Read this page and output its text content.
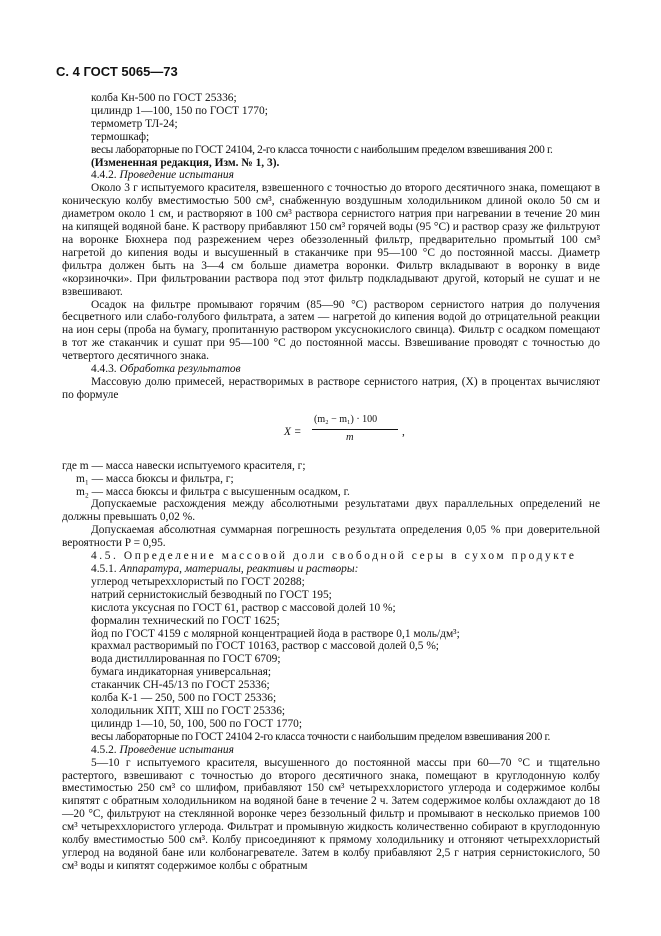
С. 4 ГОСТ 5065—73
колба Кн-500 по ГОСТ 25336;
цилиндр 1—100, 150 по ГОСТ 1770;
термометр ТЛ-24;
термошкаф;
весы лабораторные по ГОСТ 24104, 2-го класса точности с наибольшим пределом взвешивания 200 г.
(Измененная редакция, Изм. № 1, 3).
4.4.2. Проведение испытания
Около 3 г испытуемого красителя, взвешенного с точностью до второго десятичного знака, помещают в коническую колбу вместимостью 500 см³, снабженную воздушным холодильником длиной около 50 см и диаметром около 1 см, и растворяют в 100 см³ раствора сернистого натрия при нагревании в течение 20 мин на кипящей водяной бане. К раствору прибавляют 150 см³ горячей воды (95 °С) и раствор сразу же фильтруют на воронке Бюхнера под разрежением через обеззоленный фильтр, предварительно промытый 100 см³ нагретой до кипения воды и высушенный в стаканчике при 95—100 °С до постоянной массы. Диаметр фильтра должен быть на 3—4 см больше диаметра воронки. Фильтр вкладывают в воронку в виде «корзиночки». При фильтровании раствора под этот фильтр подкладывают другой, который не сушат и не взвешивают.
Осадок на фильтре промывают горячим (85—90 °С) раствором сернистого натрия до получения бесцветного или слабо-голубого фильтрата, а затем — нагретой до кипения водой до отрицательной реакции на ион серы (проба на бумагу, пропитанную раствором уксуснокислого свинца). Фильтр с осадком помещают в тот же стаканчик и сушат при 95—100 °С до постоянной массы. Взвешивание проводят с точностью до четвертого десятичного знака.
4.4.3. Обработка результатов
Массовую долю примесей, нерастворимых в растворе сернистого натрия, (X) в процентах вычисляют по формуле
X =
(m₂ − m₁) · 100
m	,
где m — масса навески испытуемого красителя, г;
m₁ — масса бюксы и фильтра, г;
m₂ — масса бюксы и фильтра с высушенным осадком, г.
Допускаемые расхождения между абсолютными результатами двух параллельных определений не должны превышать 0,02 %.
Допускаемая абсолютная суммарная погрешность результата определения 0,05 % при доверительной вероятности P = 0,95.
4.5. Определение массовой доли свободной серы в сухом продукте
4.5.1. Аппаратура, материалы, реактивы и растворы:
углерод четыреххлористый по ГОСТ 20288;
натрий сернистокислый безводный по ГОСТ 195;
кислота уксусная по ГОСТ 61, раствор с массовой долей 10 %;
формалин технический по ГОСТ 1625;
йод по ГОСТ 4159 с молярной концентрацией йода в растворе 0,1 моль/дм³;
крахмал растворимый по ГОСТ 10163, раствор с массовой долей 0,5 %;
вода дистиллированная по ГОСТ 6709;
бумага индикаторная универсальная;
стаканчик СН-45/13 по ГОСТ 25336;
колба К-1 — 250, 500 по ГОСТ 25336;
холодильник ХПТ, ХШ по ГОСТ 25336;
цилиндр 1—10, 50, 100, 500 по ГОСТ 1770;
весы лабораторные по ГОСТ 24104 2-го класса точности с наибольшим пределом взвешивания 200 г.
4.5.2. Проведение испытания
5—10 г испытуемого красителя, высушенного до постоянной массы при 60—70 °С и тщательно растертого, взвешивают с точностью до второго десятичного знака, помещают в круглодонную колбу вместимостью 250 см³ со шлифом, прибавляют 150 см³ четыреххлористого углерода и содержимое колбы кипятят с обратным холодильником на водяной бане в течение 2 ч. Затем содержимое колбы охлаждают до 18—20 °С, фильтруют на стеклянной воронке через беззольный фильтр и промывают в несколько приемов 100 см³ четыреххлористого углерода. Фильтрат и промывную жидкость количественно собирают в круглодонную колбу вместимостью 500 см³. Колбу присоединяют к прямому холодильнику и отгоняют четыреххлористый углерод на водяной бане или колбонагревателе. Затем в колбу прибавляют 2,5 г натрия сернистокислого, 50 см³ воды и кипятят содержимое колбы с обратным
